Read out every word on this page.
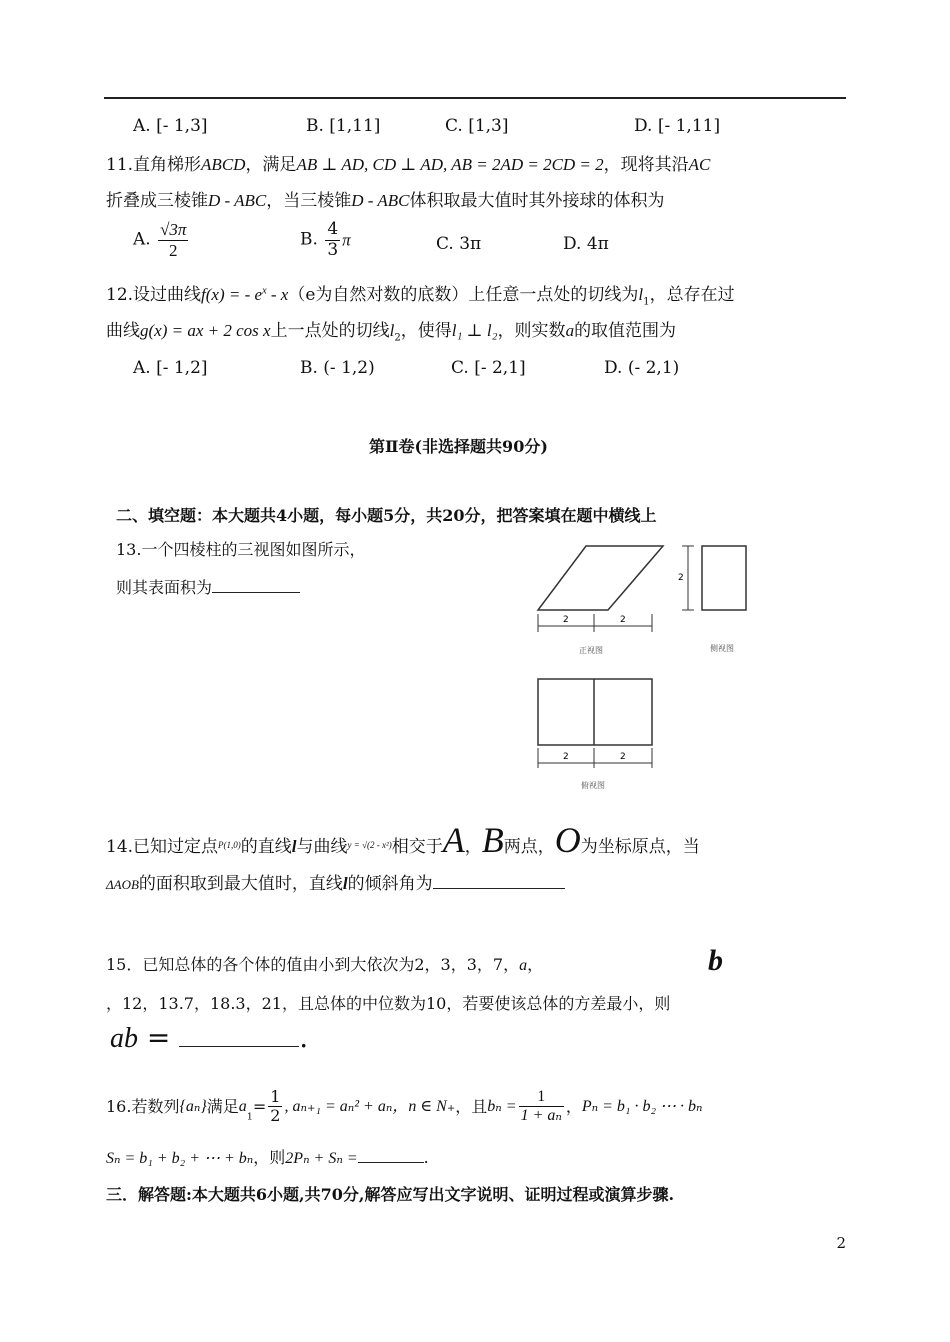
A. [- 1,3]	B. [1,11]	C. [1,3]	D. [- 1,11]
11.直角梯形ABCD，满足AB ⊥ AD, CD ⊥ AD, AB = 2AD = 2CD = 2，现将其沿AC
折叠成三棱锥D - ABC，当三棱锥D - ABC体积取最大值时其外接球的体积为
A. $\frac{√3\pi}{2}$	B. $\frac{4}{3}$ π	C. 3π	D. 4π
12.设过曲线f(x) = - $e^x - x(e$为自然对数的底数）上任意一点处的切线为$l_1$，总存在过
曲线g(x) = ax + 2 cos x上一点处的切线$l_2$，使得l₁ ⊥ l₂，则实数a的取值范围为
A. [- 1,2]	B. (- 1,2)	C. [- 2,1]	D. (- 2,1)
第Ⅱ卷(非选择题共90分)
二、填空题：本大题共4小题，每小题5分，共20分，把答案填在题中横线上
13.一个四棱柱的三视图如图所示，
则其表面积为
2	2
正视图
2
侧视图
2	2
俯视图
14.已知过定点$^{P(1,0)}$的直线l与曲线$^{y = √(2 - x^2)}$相交于A，B两点，O为坐标原点，当
ΔAOB的面积取到最大值时，直线l的倾斜角为
15．已知总体的各个体的值由小到大依次为2，3，3，7，a，	b
，12，13.7，18.3，21，且总体的中位数为10，若要使该总体的方差最小，则
ab =	.
16.若数列{aₙ}满足$a_1= \frac{1}{2}$ , aₙ₊₁ = aₙ² + aₙ，n ∈ N₊，且$b_n = \frac{1}{\text{1 + aₙ}}$ ，Pₙ = b₁ · b₂ ⋯ · bₙ
Sₙ = b₁ + b₂ + ⋯ + bₙ，则2Pₙ + Sₙ =	.
三．解答题:本大题共6小题,共70分,解答应写出文字说明、证明过程或演算步骤.
2
